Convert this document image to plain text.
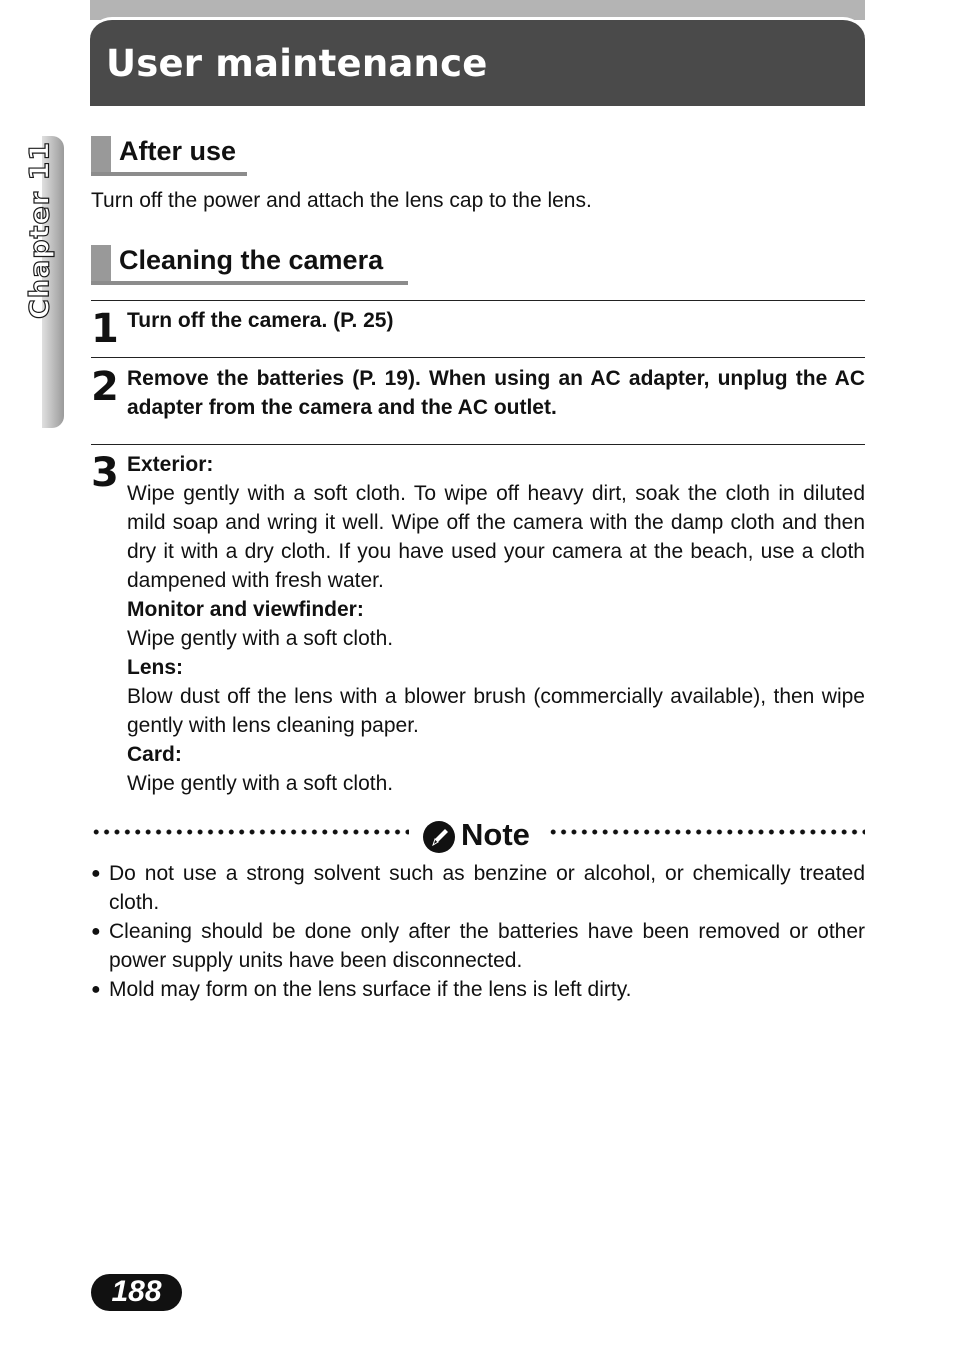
User maintenance
Chapter 11 After use
Turn off the power and attach the lens cap to the lens.
Cleaning the camera
1 Turn off the camera. (P. 25)
2 Remove the batteries (P. 19). When using an AC adapter, unplug the AC adapter from the camera and the AC outlet.
3 Exterior:
Wipe gently with a soft cloth. To wipe off heavy dirt, soak the cloth in diluted mild soap and wring it well. Wipe off the camera with the damp cloth and then dry it with a dry cloth. If you have used your camera at the beach, use a cloth dampened with fresh water.
Monitor and viewfinder:
Wipe gently with a soft cloth.
Lens:
Blow dust off the lens with a blower brush (commercially available), then wipe gently with lens cleaning paper.
Card:
Wipe gently with a soft cloth.
Note
● Do not use a strong solvent such as benzine or alcohol, or chemically treated cloth.
● Cleaning should be done only after the batteries have been removed or other power supply units have been disconnected.
● Mold may form on the lens surface if the lens is left dirty.
188
